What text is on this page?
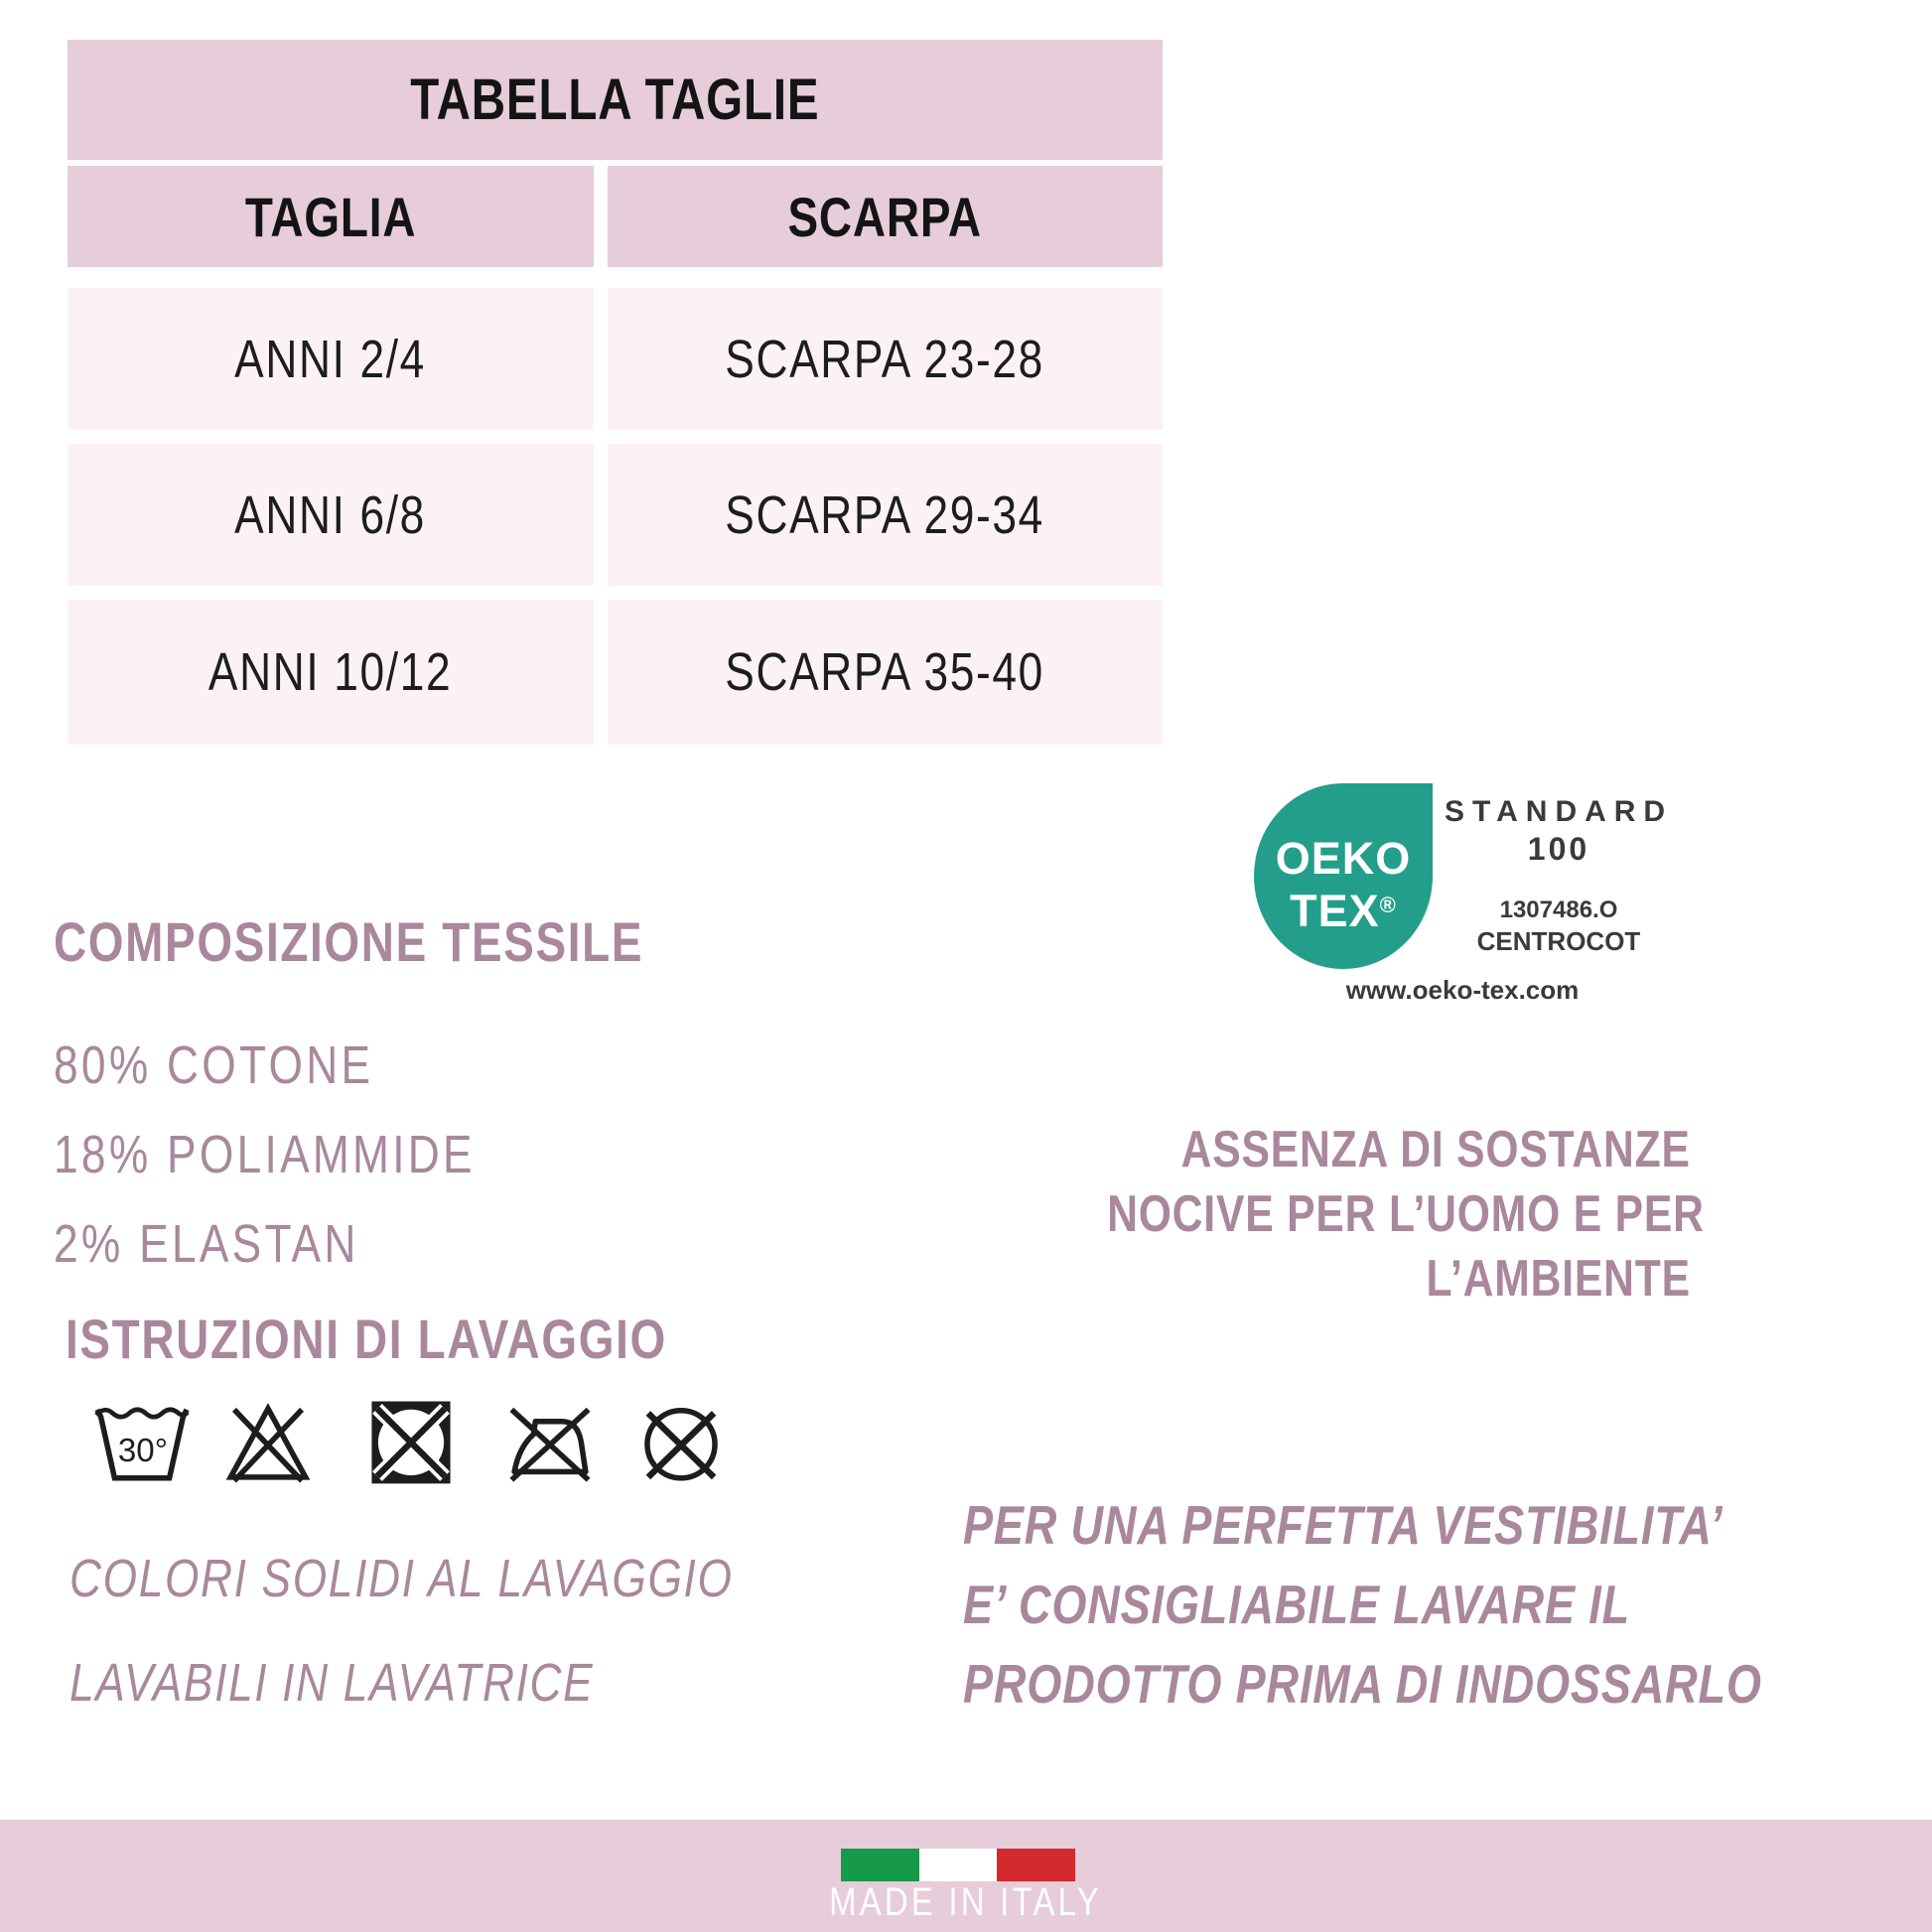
TABELLA TAGLIE
TAGLIA	SCARPA
ANNI 2/4	SCARPA 23-28
ANNI 6/8	SCARPA 29-34
ANNI 10/12	SCARPA 35-40
OEKO
TEX®
STANDARD
100
1307486.O
CENTROCOT
www.oeko-tex.com
ASSENZA DI SOSTANZE
NOCIVE PER L’UOMO E PER
L’AMBIENTE
COMPOSIZIONE TESSILE
80% COTONE
18% POLIAMMIDE
2% ELASTAN
ISTRUZIONI DI LAVAGGIO
30°
COLORI SOLIDI AL LAVAGGIO
LAVABILI IN LAVATRICE
PER UNA PERFETTA VESTIBILITA’
E’ CONSIGLIABILE LAVARE IL
PRODOTTO PRIMA DI INDOSSARLO
MADE IN ITALY
